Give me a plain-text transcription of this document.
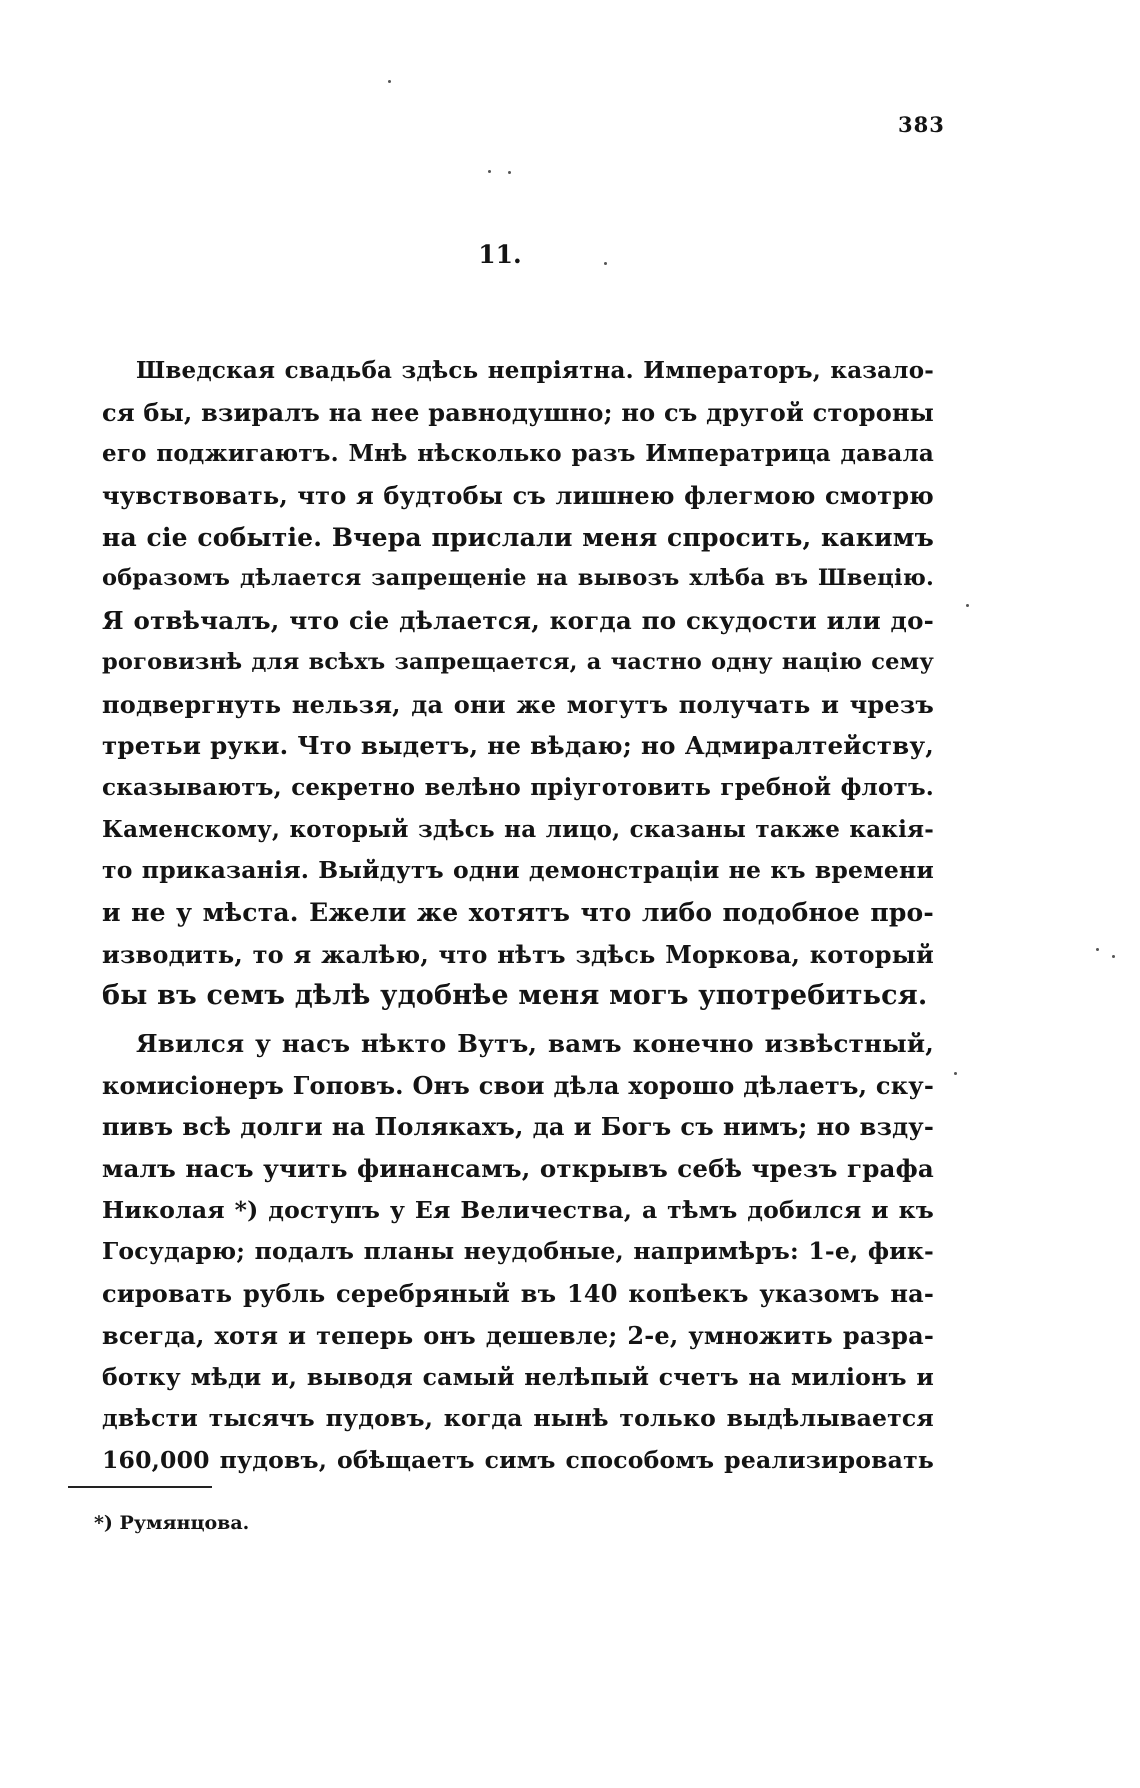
383
11.
Шведская свадьба здѣсь непріятна. Императоръ, казало-
ся бы, взиралъ на нее равнодушно; но съ другой стороны
его поджигаютъ. Мнѣ нѣсколько разъ Императрица давала
чувствовать, что я будтобы съ лишнею флегмою смотрю
на сіе событіе. Вчера прислали меня спросить, какимъ
образомъ дѣлается запрещеніе на вывозъ хлѣба въ Швецію.
Я отвѣчалъ, что сіе дѣлается, когда по скудости или до-
роговизнѣ для всѣхъ запрещается, а частно одну націю сему
подвергнуть нельзя, да они же могутъ получать и чрезъ
третьи руки. Что выдетъ, не вѣдаю; но Адмиралтейству,
сказываютъ, секретно велѣно пріуготовить гребной флотъ.
Каменскому, который здѣсь на лицо, сказаны также какія-
то приказанія. Выйдутъ одни демонстраціи не къ времени
и не у мѣста. Ежели же хотятъ что либо подобное про-
изводить, то я жалѣю, что нѣтъ здѣсь Моркова, который
бы въ семъ дѣлѣ удобнѣе меня могъ употребиться.
Явился у насъ нѣкто Вутъ, вамъ конечно извѣстный,
комисіонеръ Гоповъ. Онъ свои дѣла хорошо дѣлаетъ, ску-
пивъ всѣ долги на Полякахъ, да и Богъ съ нимъ; но взду-
малъ насъ учить финансамъ, открывъ себѣ чрезъ графа
Николая *) доступъ у Ея Величества, а тѣмъ добился и къ
Государю; подалъ планы неудобные, напримѣръ: 1-е, фик-
сировать рубль серебряный въ 140 копѣекъ указомъ на-
всегда, хотя и теперь онъ дешевле; 2-е, умножить разра-
ботку мѣди и, выводя самый нелѣпый счетъ на миліонъ и
двѣсти тысячъ пудовъ, когда нынѣ только выдѣлывается
160,000 пудовъ, обѣщаетъ симъ способомъ реализировать
*) Румянцова.
